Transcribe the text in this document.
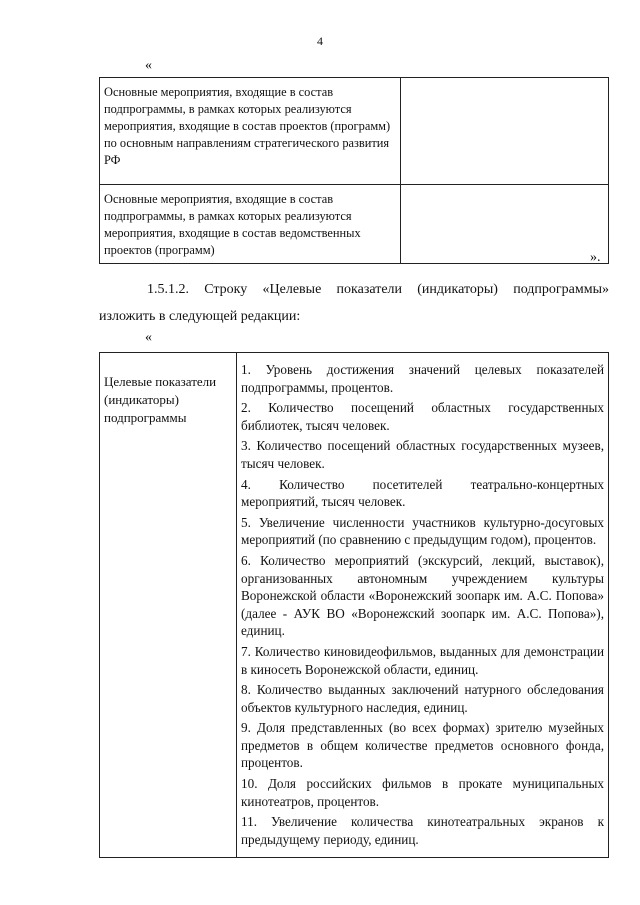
4
«
Основные мероприятия, входящие в состав подпрограммы, в рамках которых реализуются мероприятия, входящие в состав проектов (программ) по основным направлениям стратегического развития РФ	
Основные мероприятия, входящие в состав подпрограммы, в рамках которых реализуются мероприятия, входящие в состав ведомственных проектов (программ)		».
1.5.1.2. Строку «Целевые показатели (индикаторы) подпрограммы» изложить в следующей редакции:
«
Целевые показатели (индикаторы) подпрограммы	
1. Уровень достижения значений целевых показателей подпрограммы, процентов.
2. Количество посещений областных государственных библиотек, тысяч человек.
3. Количество посещений областных государственных музеев, тысяч человек.
4. Количество посетителей театрально-концертных мероприятий, тысяч человек.
5. Увеличение численности участников культурно-досуговых мероприятий (по сравнению с предыдущим годом), процентов.
6. Количество мероприятий (экскурсий, лекций, выставок), организованных автономным учреждением культуры Воронежской области «Воронежский зоопарк им. А.С. Попова» (далее - АУК ВО «Воронежский зоопарк им. А.С. Попова»), единиц.
7. Количество киновидеофильмов, выданных для демонстрации в киносеть Воронежской области, единиц.
8. Количество выданных заключений натурного обследования объектов культурного наследия, единиц.
9. Доля представленных (во всех формах) зрителю музейных предметов в общем количестве предметов основного фонда, процентов.
10. Доля российских фильмов в прокате муниципальных кинотеатров, процентов.
11. Увеличение количества кинотеатральных экранов к предыдущему периоду, единиц.
